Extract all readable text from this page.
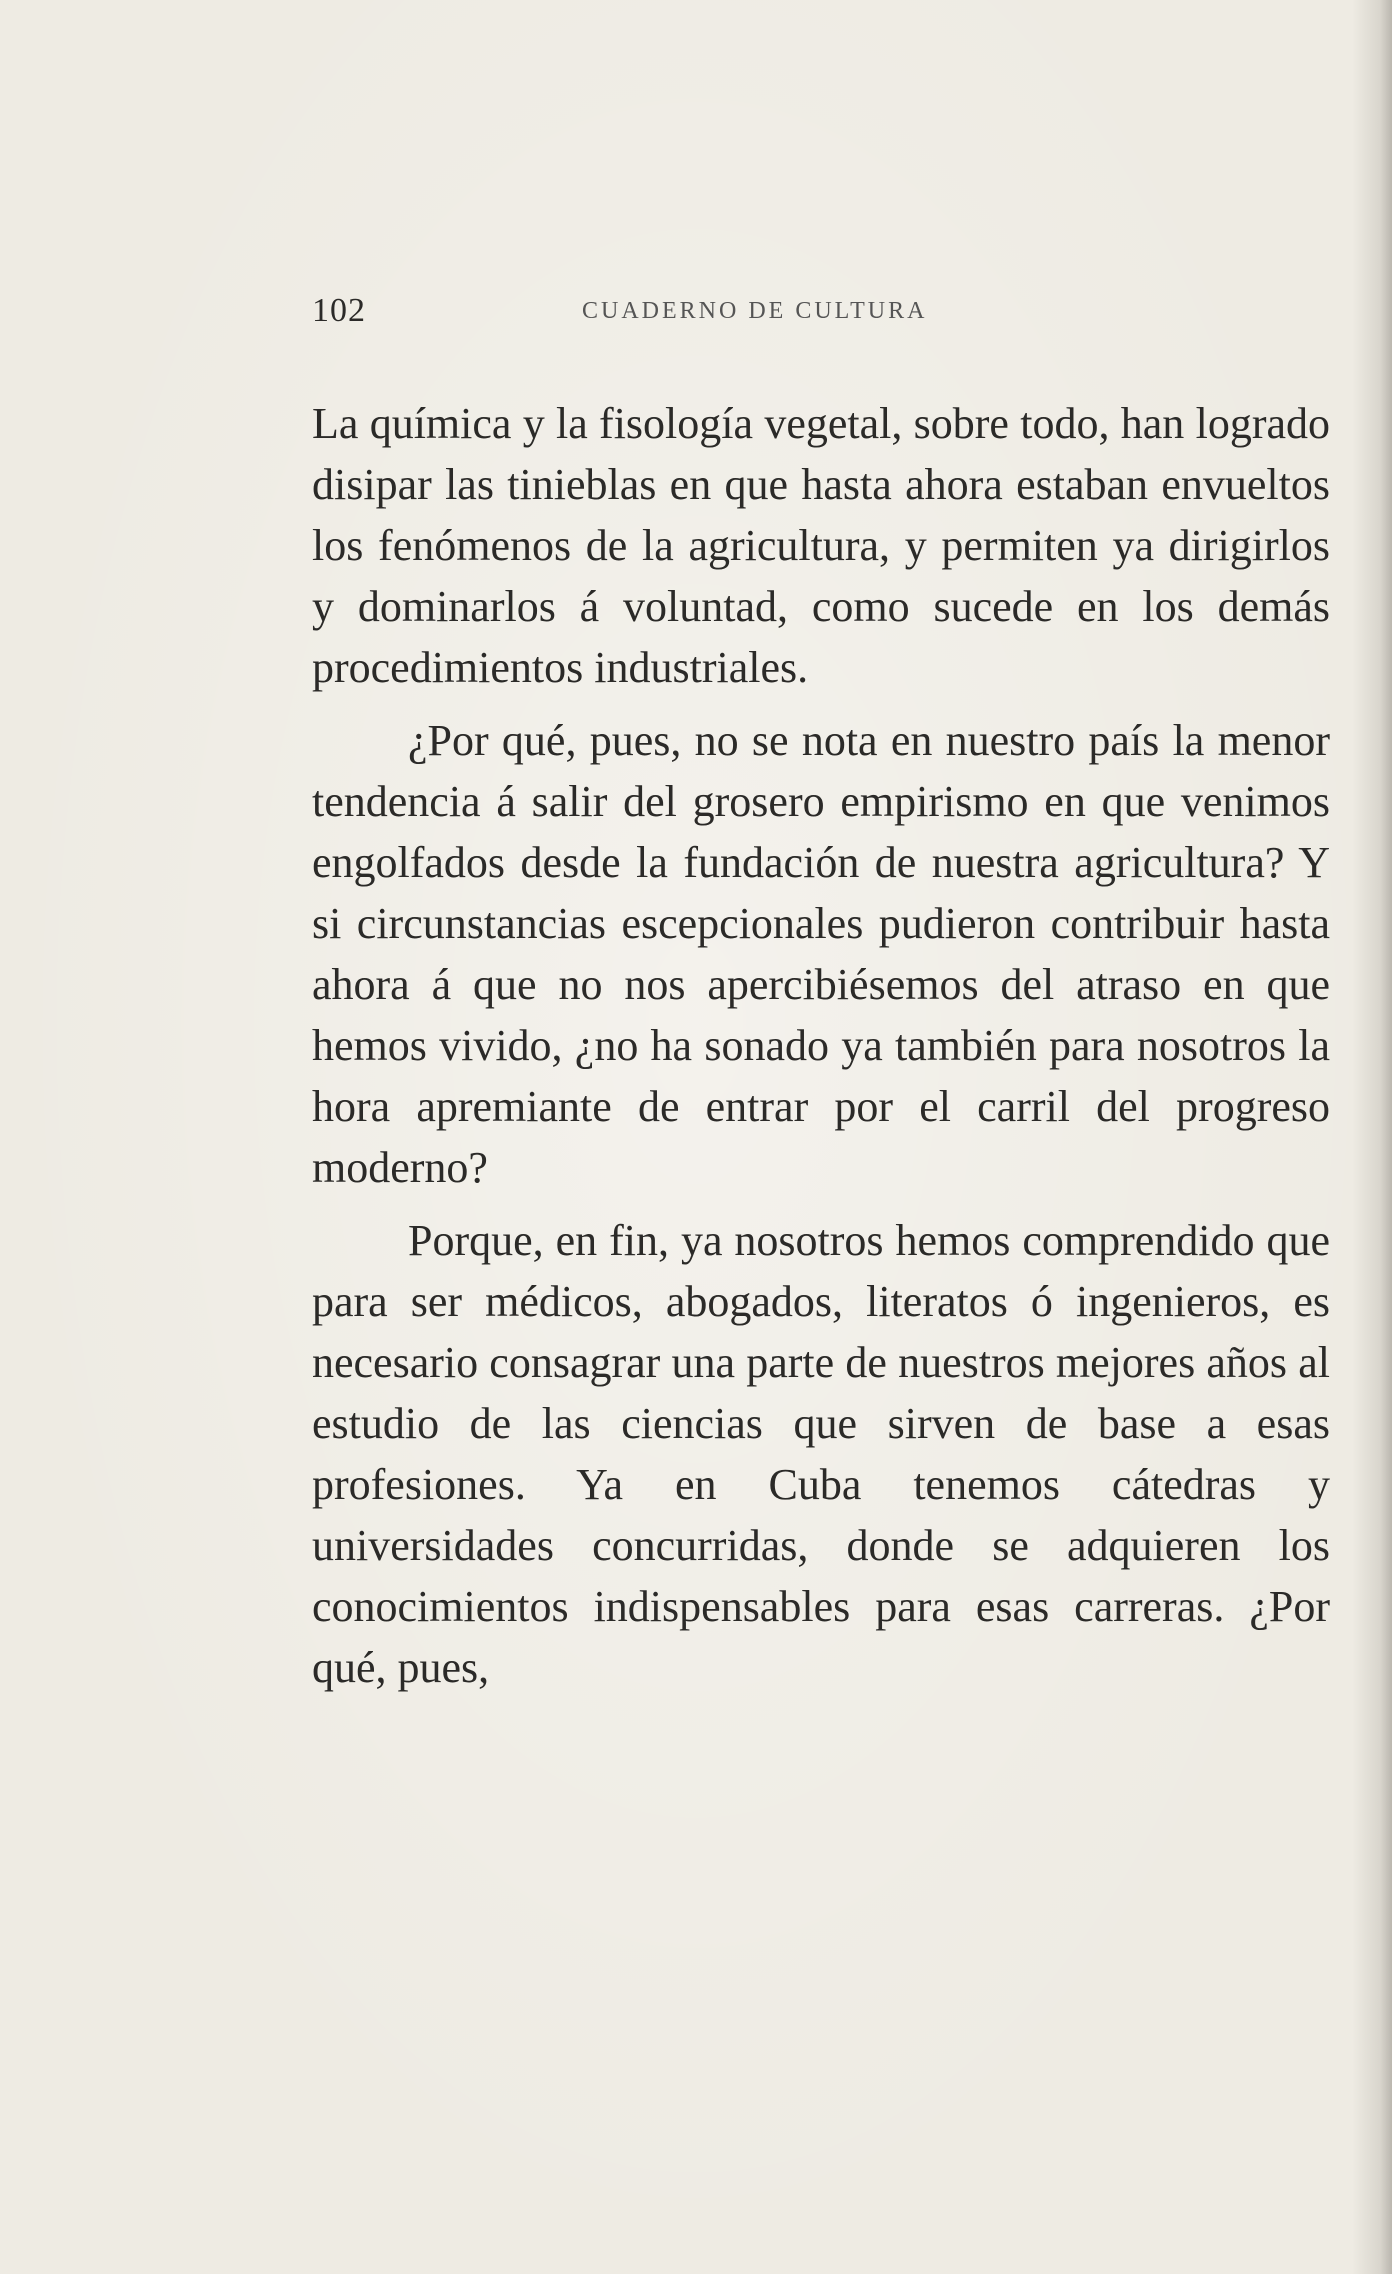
102	CUADERNO DE CULTURA

La química y la fisología vegetal, sobre todo, han logrado disipar las tinieblas en que hasta ahora estaban envueltos los fenómenos de la agricultura, y permiten ya dirigirlos y dominarlos á voluntad, como sucede en los demás procedimientos industriales.

¿Por qué, pues, no se nota en nuestro país la menor tendencia á salir del grosero empirismo en que venimos engolfados desde la fundación de nuestra agricultura? Y si circunstancias escepcionales pudieron contribuir hasta ahora á que no nos apercibiésemos del atraso en que hemos vivido, ¿no ha sonado ya también para nosotros la hora apremiante de entrar por el carril del progreso moderno?

Porque, en fin, ya nosotros hemos comprendido que para ser médicos, abogados, literatos ó ingenieros, es necesario consagrar una parte de nuestros mejores años al estudio de las ciencias que sirven de base a esas profesiones. Ya en Cuba tenemos cátedras y universidades concurridas, donde se adquieren los conocimientos indispensables para esas carreras. ¿Por qué, pues,
